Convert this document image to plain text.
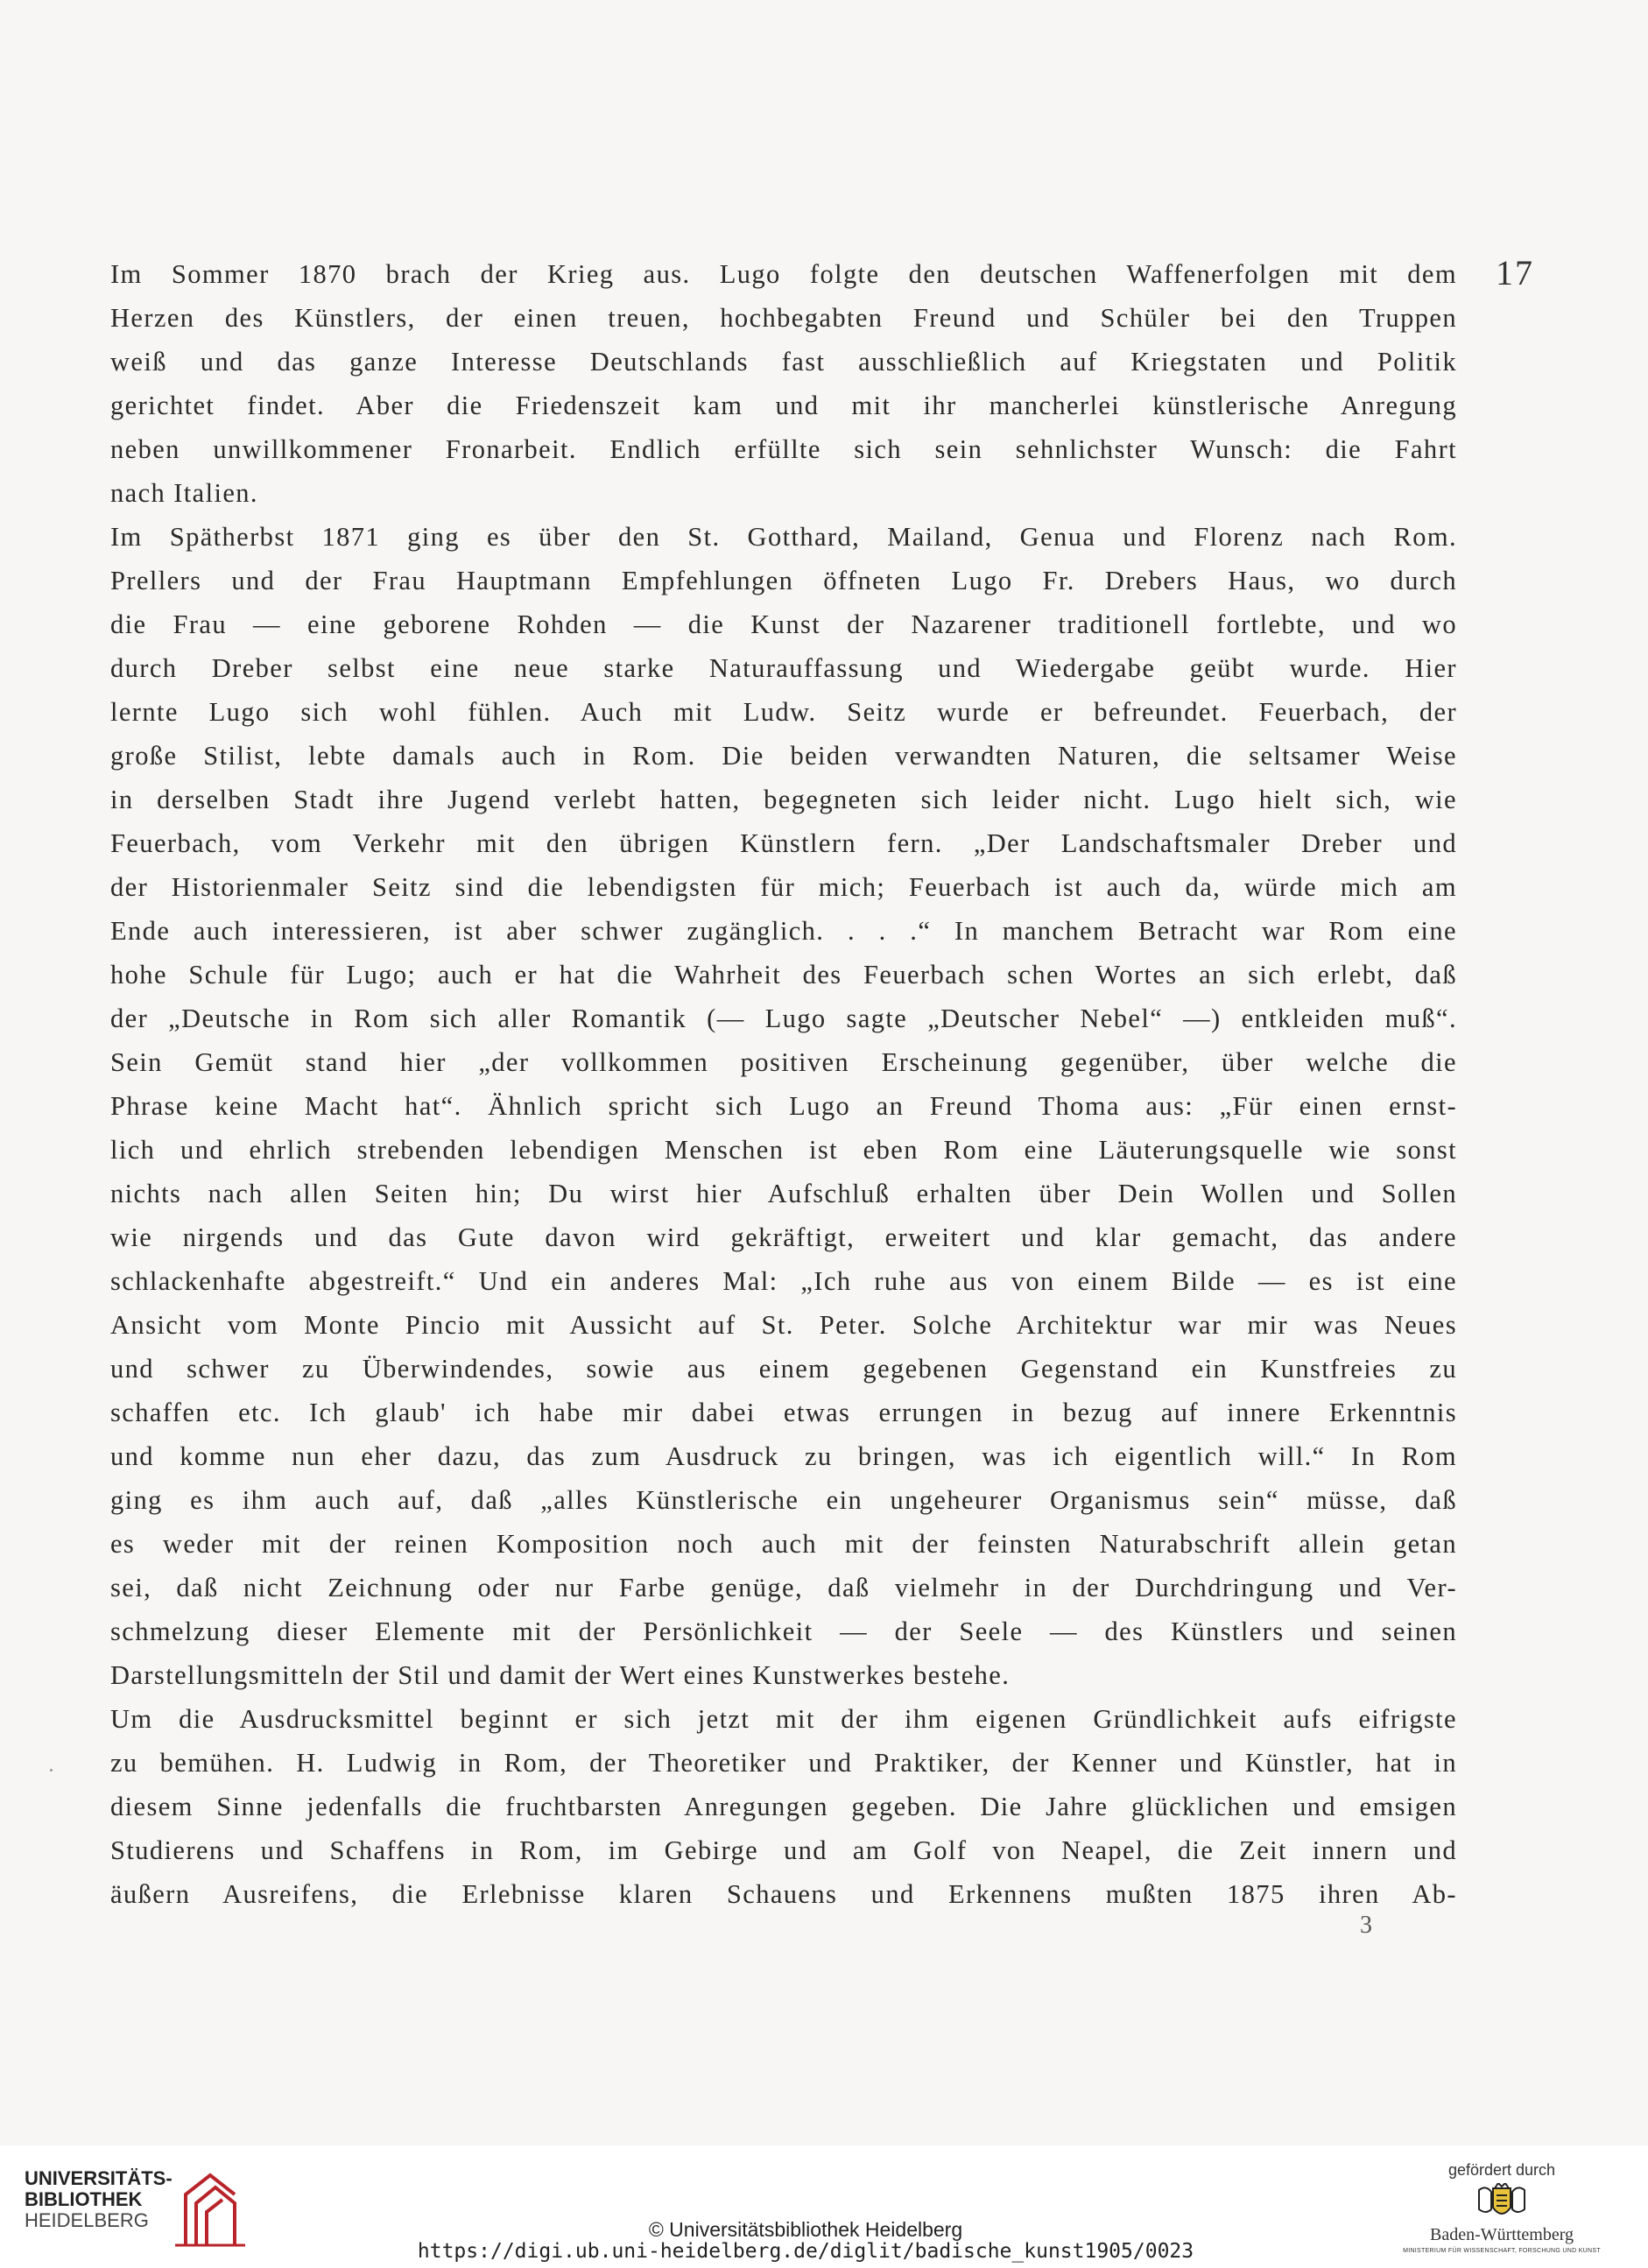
17
Im Sommer 1870 brach der Krieg aus. Lugo folgte den deutschen Waffenerfolgen mit dem
Herzen des Künstlers, der einen treuen, hochbegabten Freund und Schüler bei den Truppen
weiß und das ganze Interesse Deutschlands fast ausschließlich auf Kriegstaten und Politik
gerichtet findet. Aber die Friedenszeit kam und mit ihr mancherlei künstlerische Anregung
neben unwillkommener Fronarbeit. Endlich erfüllte sich sein sehnlichster Wunsch: die Fahrt
nach Italien.
Im Spätherbst 1871 ging es über den St. Gotthard, Mailand, Genua und Florenz nach Rom.
Prellers und der Frau Hauptmann Empfehlungen öffneten Lugo Fr. Drebers Haus, wo durch
die Frau — eine geborene Rohden — die Kunst der Nazarener traditionell fortlebte, und wo
durch Dreber selbst eine neue starke Naturauffassung und Wiedergabe geübt wurde. Hier
lernte Lugo sich wohl fühlen. Auch mit Ludw. Seitz wurde er befreundet. Feuerbach, der
große Stilist, lebte damals auch in Rom. Die beiden verwandten Naturen, die seltsamer Weise
in derselben Stadt ihre Jugend verlebt hatten, begegneten sich leider nicht. Lugo hielt sich, wie
Feuerbach, vom Verkehr mit den übrigen Künstlern fern. „Der Landschaftsmaler Dreber und
der Historienmaler Seitz sind die lebendigsten für mich; Feuerbach ist auch da, würde mich am
Ende auch interessieren, ist aber schwer zugänglich. . . .“ In manchem Betracht war Rom eine
hohe Schule für Lugo; auch er hat die Wahrheit des Feuerbach schen Wortes an sich erlebt, daß
der „Deutsche in Rom sich aller Romantik (— Lugo sagte „Deutscher Nebel“ —) entkleiden muß“.
Sein Gemüt stand hier „der vollkommen positiven Erscheinung gegenüber, über welche die
Phrase keine Macht hat“. Ähnlich spricht sich Lugo an Freund Thoma aus: „Für einen ernst-
lich und ehrlich strebenden lebendigen Menschen ist eben Rom eine Läuterungsquelle wie sonst
nichts nach allen Seiten hin; Du wirst hier Aufschluß erhalten über Dein Wollen und Sollen
wie nirgends und das Gute davon wird gekräftigt, erweitert und klar gemacht, das andere
schlackenhafte abgestreift.“ Und ein anderes Mal: „Ich ruhe aus von einem Bilde — es ist eine
Ansicht vom Monte Pincio mit Aussicht auf St. Peter. Solche Architektur war mir was Neues
und schwer zu Überwindendes, sowie aus einem gegebenen Gegenstand ein Kunstfreies zu
schaffen etc. Ich glaub' ich habe mir dabei etwas errungen in bezug auf innere Erkenntnis
und komme nun eher dazu, das zum Ausdruck zu bringen, was ich eigentlich will.“ In Rom
ging es ihm auch auf, daß „alles Künstlerische ein ungeheurer Organismus sein“ müsse, daß
es weder mit der reinen Komposition noch auch mit der feinsten Naturabschrift allein getan
sei, daß nicht Zeichnung oder nur Farbe genüge, daß vielmehr in der Durchdringung und Ver-
schmelzung dieser Elemente mit der Persönlichkeit — der Seele — des Künstlers und seinen
Darstellungsmitteln der Stil und damit der Wert eines Kunstwerkes bestehe.
Um die Ausdrucksmittel beginnt er sich jetzt mit der ihm eigenen Gründlichkeit aufs eifrigste
zu bemühen. H. Ludwig in Rom, der Theoretiker und Praktiker, der Kenner und Künstler, hat in
diesem Sinne jedenfalls die fruchtbarsten Anregungen gegeben. Die Jahre glücklichen und emsigen
Studierens und Schaffens in Rom, im Gebirge und am Golf von Neapel, die Zeit innern und
äußern Ausreifens, die Erlebnisse klaren Schauens und Erkennens mußten 1875 ihren Ab-
3
UNIVERSITÄTS-
BIBLIOTHEK
HEIDELBERG	© Universitätsbibliothek Heidelberg
https://digi.ub.uni-heidelberg.de/diglit/badische_kunst1905/0023
gefördert durch
Baden-Württemberg
MINISTERIUM FÜR WISSENSCHAFT, FORSCHUNG UND KUNST
